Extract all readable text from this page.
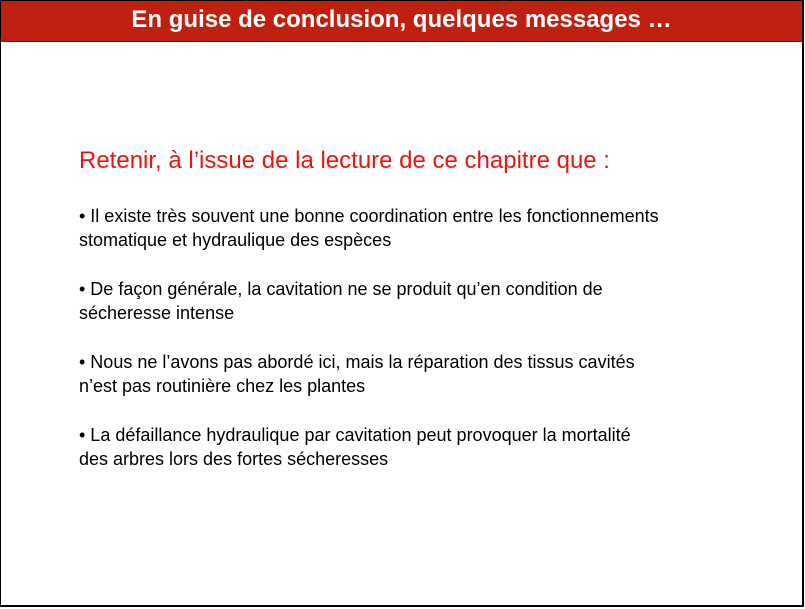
En guise de conclusion, quelques messages …
Retenir, à l’issue de la lecture de ce chapitre que :
• Il existe très souvent une bonne coordination entre les fonctionnements
stomatique et hydraulique des espèces
• De façon générale, la cavitation ne se produit qu’en condition de
sécheresse intense
• Nous ne l’avons pas abordé ici, mais la réparation des tissus cavités
n’est pas routinière chez les plantes
• La défaillance hydraulique par cavitation peut provoquer la mortalité
des arbres lors des fortes sécheresses
